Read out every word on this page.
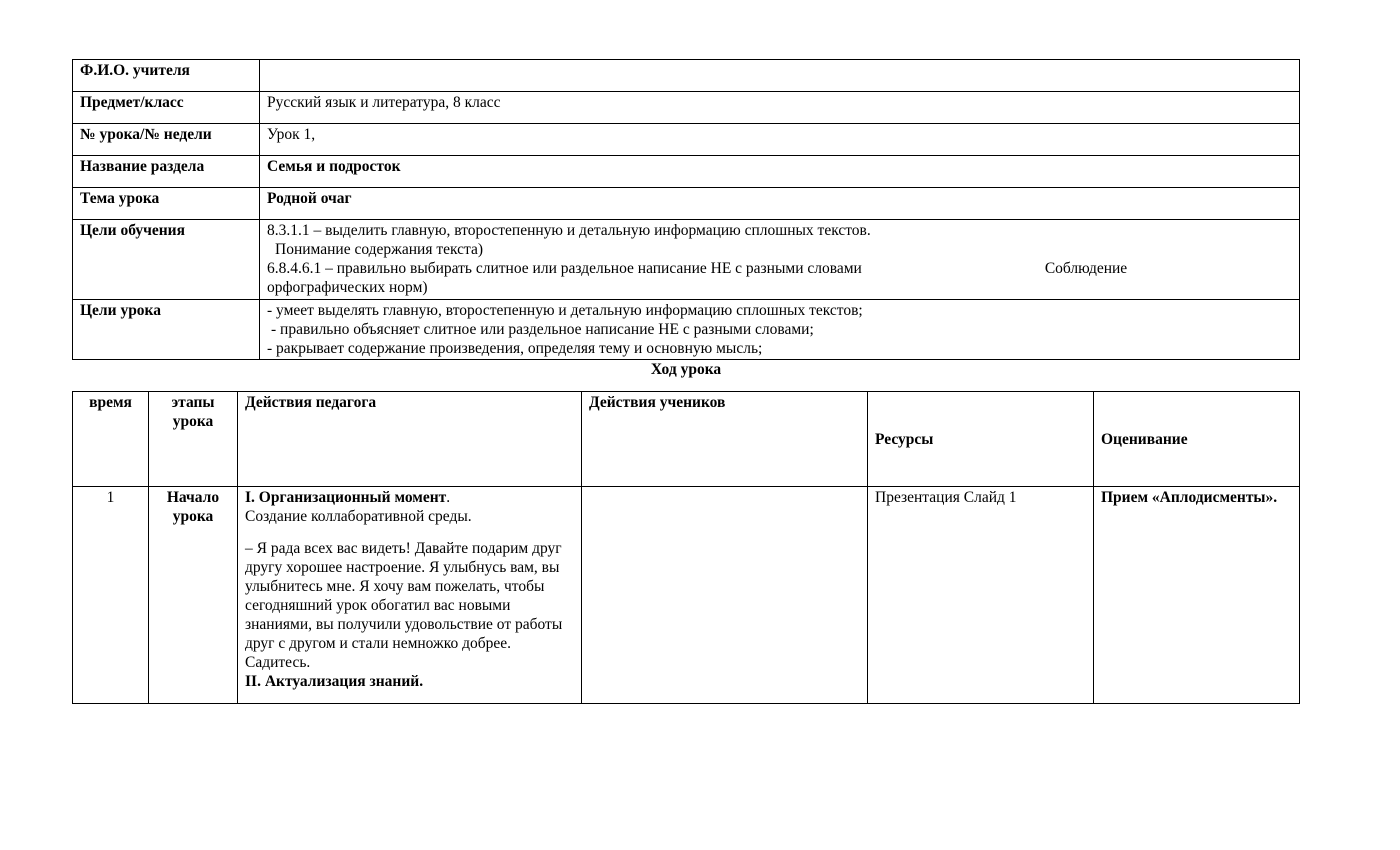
Ф.И.О. учителя	
Предмет/класс	Русский язык и литература, 8 класс
№ урока/№ недели	Урок 1,
Название раздела	Семья и подросток
Тема урока	Родной очаг
Цели обучения	8.3.1.1 – выделить главную, второстепенную и детальную информацию сплошных текстов.
Понимание содержания текста)
6.8.4.6.1 – правильно выбирать слитное или раздельное написание НЕ с разными словами Соблюдение
орфографических норм)

Цели урока	- умеет выделять главную, второстепенную и детальную информацию сплошных текстов;
- правильно объясняет слитное или раздельное написание НЕ с разными словами;
- ракрывает содержание произведения, определяя тему и основную мысль;
Ход урока
время	этапы урока	Действия педагога	Действия учеников	Ресурсы	Оценивание
1	Начало урока	I. Организационный момент.
Создание коллаборативной среды.
– Я рада всех вас видеть! Давайте подарим друг другу хорошее настроение. Я улыбнусь вам, вы улыбнитесь мне. Я хочу вам пожелать, чтобы сегодняшний урок обогатил вас новыми знаниями, вы получили удовольствие от работы друг с другом и стали немножко добрее. Садитесь.
II. Актуализация знаний.		Презентация Слайд 1	Прием «Аплодисменты».
